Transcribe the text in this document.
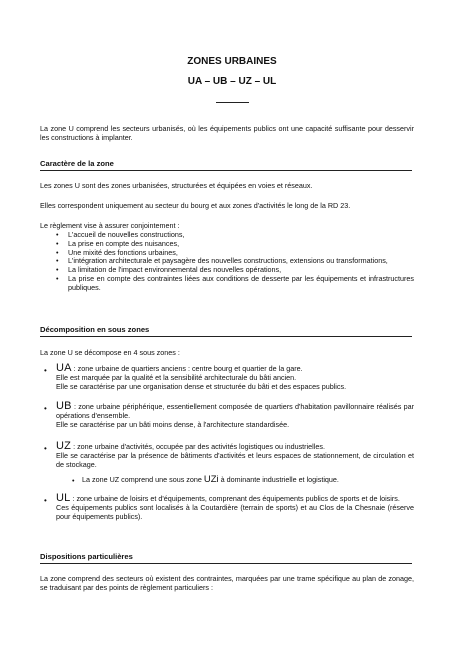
ZONES URBAINES
UA – UB – UZ – UL

La zone U comprend les secteurs urbanisés, où les équipements publics ont une capacité suffisante pour desservir les constructions à implanter.

Caractère de la zone

Les zones U sont des zones urbanisées, structurées et équipées en voies et réseaux.

Elles correspondent uniquement au secteur du bourg et aux zones d'activités le long de la RD 23.

Le règlement vise à assurer conjointement :

• L'accueil de nouvelles constructions,
• La prise en compte des nuisances,
• Une mixité des fonctions urbaines,
• L'intégration architecturale et paysagère des nouvelles constructions, extensions ou transformations,
• La limitation de l'impact environnemental des nouvelles opérations,
• La prise en compte des contraintes liées aux conditions de desserte par les équipements et infrastructures publiques.
Décomposition en sous zones

La zone U se décompose en 4 sous zones :

• UA : zone urbaine de quartiers anciens : centre bourg et quartier de la gare.

Elle est marquée par la qualité et la sensibilité architecturale du bâti ancien.

Elle se caractérise par une organisation dense et structurée du bâti et des espaces publics.

• UB : zone urbaine périphérique, essentiellement composée de quartiers d'habitation pavillonnaire réalisés par opérations d'ensemble.

Elle se caractérise par un bâti moins dense, à l'architecture standardisée.

• UZ : zone urbaine d'activités, occupée par des activités logistiques ou industrielles.

Elle se caractérise par la présence de bâtiments d'activités et leurs espaces de stationnement, de circulation et de stockage.

• La zone UZ comprend une sous zone UZi à dominante industrielle et logistique.

• UL : zone urbaine de loisirs et d'équipements, comprenant des équipements publics de sports et de loisirs.

Ces équipements publics sont localisés à la Coutardière (terrain de sports) et au Clos de la Chesnaie (réserve pour équipements publics).

Dispositions particulières

La zone comprend des secteurs où existent des contraintes, marquées par une trame spécifique au plan de zonage, se traduisant par des points de règlement particuliers :
